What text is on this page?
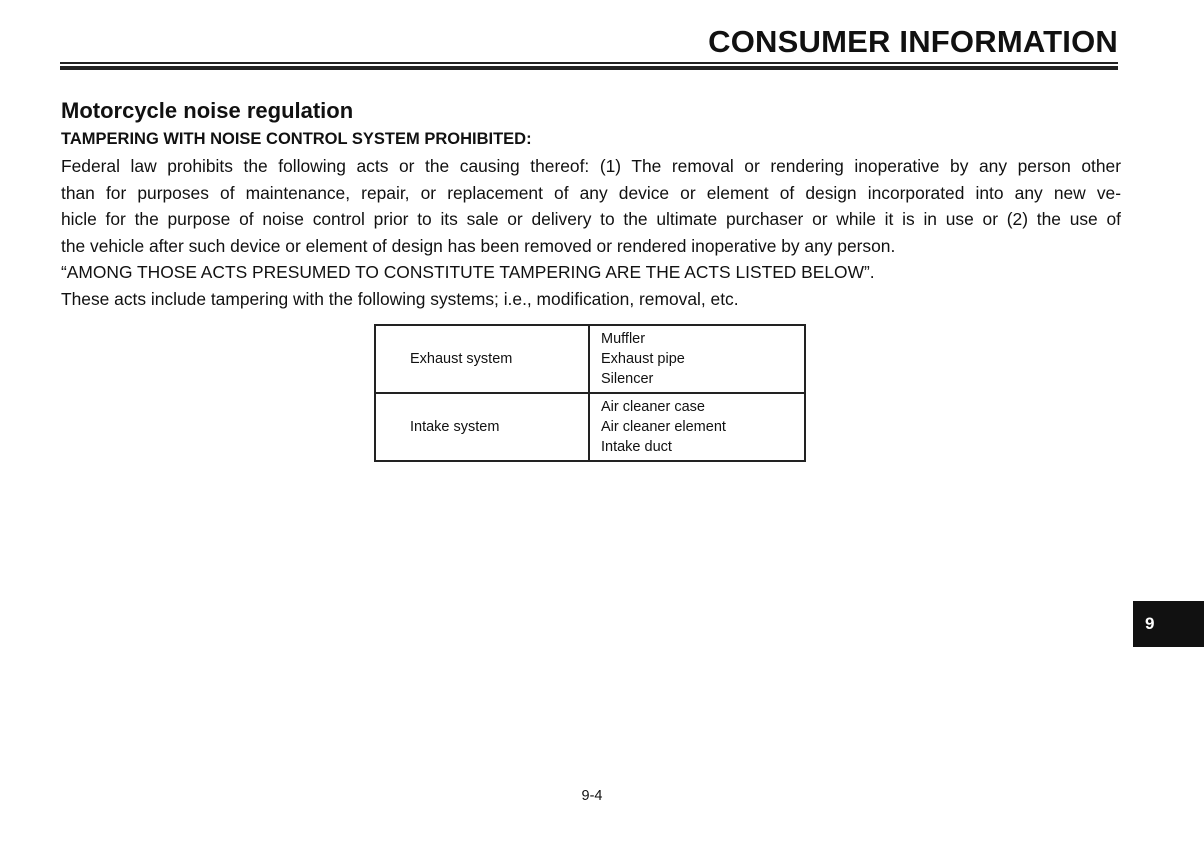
CONSUMER INFORMATION
Motorcycle noise regulation
TAMPERING WITH NOISE CONTROL SYSTEM PROHIBITED:
Federal law prohibits the following acts or the causing thereof: (1) The removal or rendering inoperative by any person other
than for purposes of maintenance, repair, or replacement of any device or element of design incorporated into any new ve-
hicle for the purpose of noise control prior to its sale or delivery to the ultimate purchaser or while it is in use or (2) the use of
the vehicle after such device or element of design has been removed or rendered inoperative by any person.
“AMONG THOSE ACTS PRESUMED TO CONSTITUTE TAMPERING ARE THE ACTS LISTED BELOW”.
These acts include tampering with the following systems; i.e., modification, removal, etc.
Exhaust system	Muffler
Exhaust pipe
Silencer

Intake system	Air cleaner case
Air cleaner element
Intake duct
9
9-4
